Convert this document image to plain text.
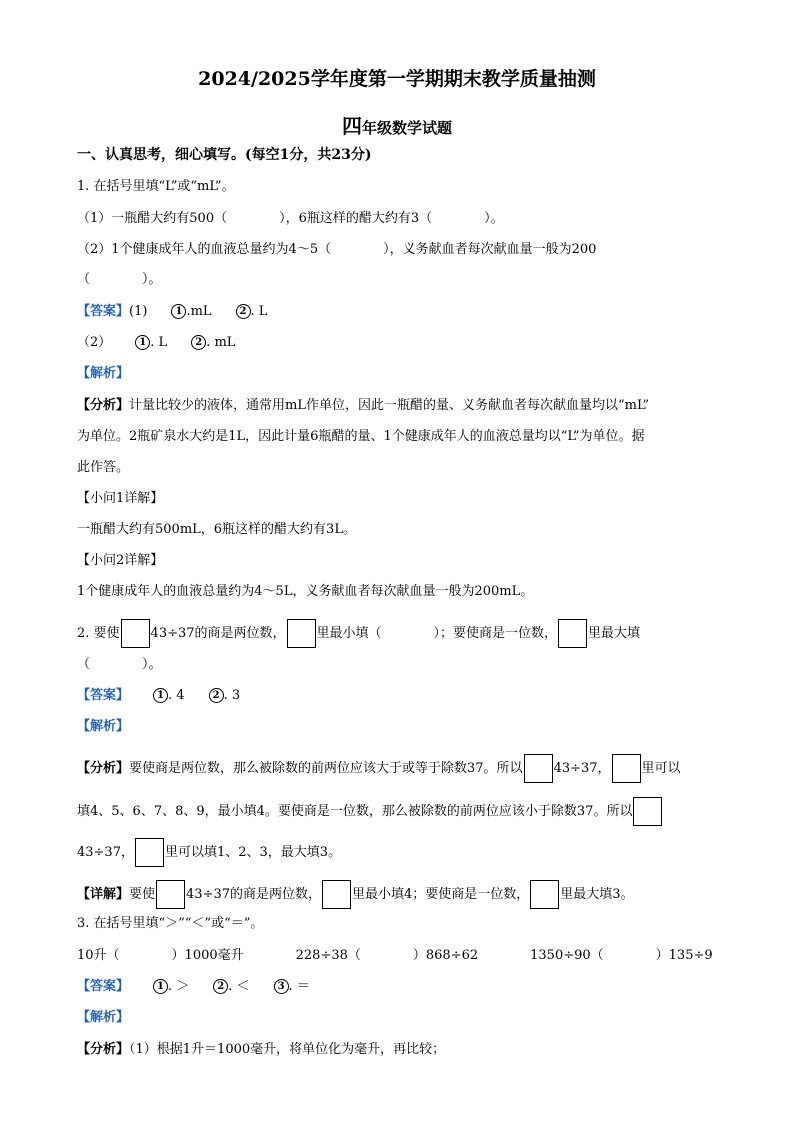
2024/2025学年度第一学期期末教学质量抽测
四年级数学试题
一、认真思考，细心填写。(每空1分，共23分)
1. 在括号里填“L”或“mL”。
（1）一瓶醋大约有500（　　　　），6瓶这样的醋大约有3（　　　　）。
（2）1个健康成年人的血液总量约为4～5（　　　　），义务献血者每次献血量一般为200
（　　　　）。
【答案】(1)	1 .mL	2 . L
（2）	1 . L	2 . mL
【解析】
【分析】计量比较少的液体，通常用mL作单位，因此一瓶醋的量、义务献血者每次献血量均以“mL”
为单位。2瓶矿泉水大约是1L，因此计量6瓶醋的量、1个健康成年人的血液总量均以“L”为单位。据
此作答。
【小问1详解】
一瓶醋大约有500mL，6瓶这样的醋大约有3L。
【小问2详解】
1个健康成年人的血液总量约为4～5L，义务献血者每次献血量一般为200mL。
2. 要使 43÷37的商是两位数， 里最小填（　　　　）；要使商是一位数， 里最大填
（　　　　）。
【答案】	1 . 4	2 . 3
【解析】
【分析】要使商是两位数，那么被除数的前两位应该大于或等于除数37。所以 43÷37， 里可以
填4、5、6、7、8、9，最小填4。要使商是一位数，那么被除数的前两位应该小于除数37。所以
43÷37， 里可以填1、2、3，最大填3。
【详解】要使 43÷37的商是两位数， 里最小填4；要使商是一位数， 里最大填3。
3. 在括号里填“＞”“＜”或“＝”。
10升（　　　　）1000毫升	228÷38（　　　　）868÷62	1350÷90（　　　　）135÷9
【答案】	1 . ＞	2 . ＜	3 . ＝
【解析】
【分析】（1）根据1升＝1000毫升，将单位化为毫升，再比较；
